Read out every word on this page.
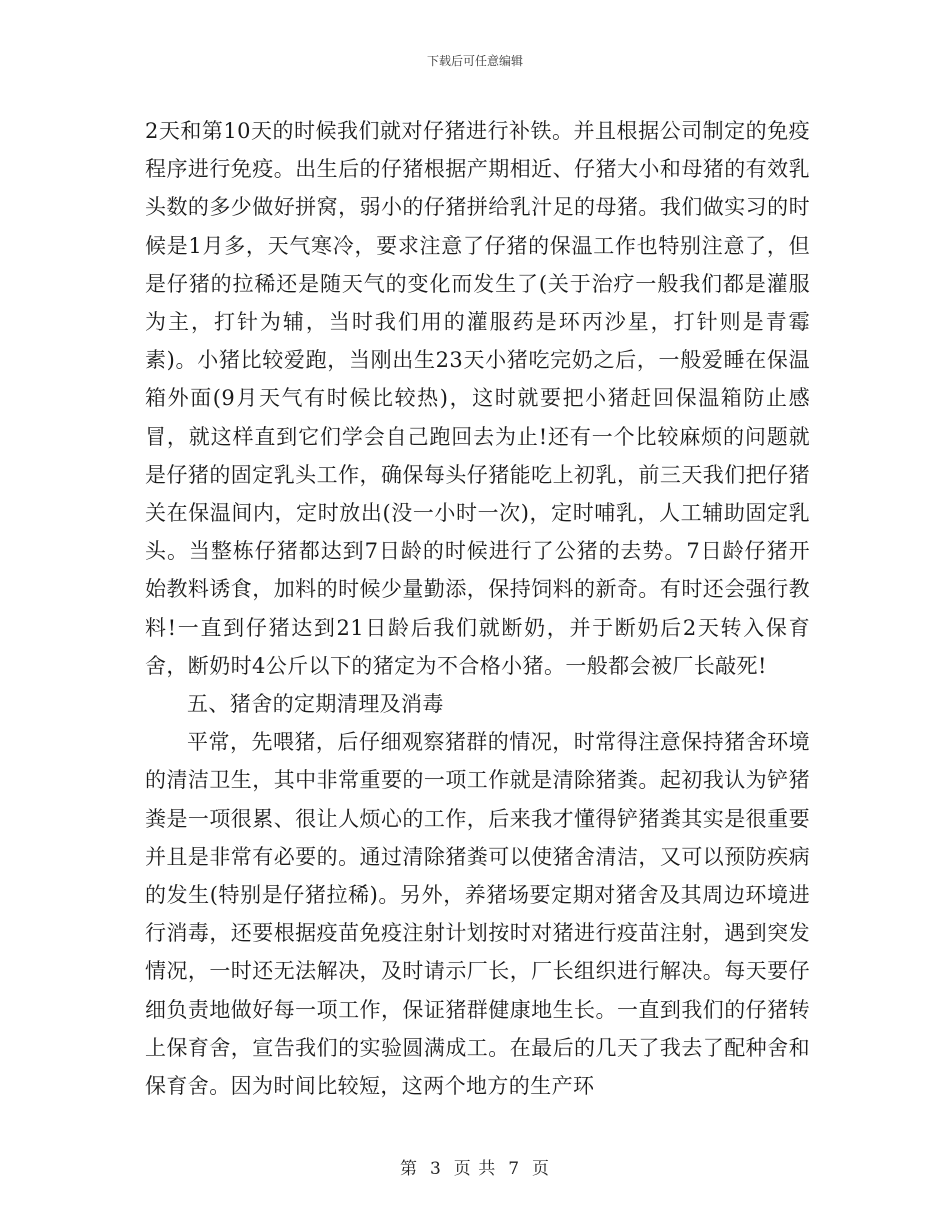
下载后可任意编辑

2天和第10天的时候我们就对仔猪进行补铁。并且根据公司制定的免疫程序进行免疫。出生后的仔猪根据产期相近、仔猪大小和母猪的有效乳头数的多少做好拼窝，弱小的仔猪拼给乳汁足的母猪。我们做实习的时候是1月多，天气寒冷，要求注意了仔猪的保温工作也特别注意了，但是仔猪的拉稀还是随天气的变化而发生了(关于治疗一般我们都是灌服为主，打针为辅，当时我们用的灌服药是环丙沙星，打针则是青霉素)。小猪比较爱跑，当刚出生23天小猪吃完奶之后，一般爱睡在保温箱外面(9月天气有时候比较热)，这时就要把小猪赶回保温箱防止感冒，就这样直到它们学会自己跑回去为止!还有一个比较麻烦的问题就是仔猪的固定乳头工作，确保每头仔猪能吃上初乳，前三天我们把仔猪关在保温间内，定时放出(没一小时一次)，定时哺乳，人工辅助固定乳头。当整栋仔猪都达到7日龄的时候进行了公猪的去势。7日龄仔猪开始教料诱食，加料的时候少量勤添，保持饲料的新奇。有时还会强行教料!一直到仔猪达到21日龄后我们就断奶，并于断奶后2天转入保育舍，断奶时4公斤以下的猪定为不合格小猪。一般都会被厂长敲死!

五、猪舍的定期清理及消毒

平常，先喂猪，后仔细观察猪群的情况，时常得注意保持猪舍环境的清洁卫生，其中非常重要的一项工作就是清除猪粪。起初我认为铲猪粪是一项很累、很让人烦心的工作，后来我才懂得铲猪粪其实是很重要并且是非常有必要的。通过清除猪粪可以使猪舍清洁，又可以预防疾病的发生(特别是仔猪拉稀)。另外，养猪场要定期对猪舍及其周边环境进行消毒，还要根据疫苗免疫注射计划按时对猪进行疫苗注射，遇到突发情况，一时还无法解决，及时请示厂长，厂长组织进行解决。每天要仔细负责地做好每一项工作，保证猪群健康地生长。一直到我们的仔猪转上保育舍，宣告我们的实验圆满成工。在最后的几天了我去了配种舍和保育舍。因为时间比较短，这两个地方的生产环

第 3 页 共 7 页
